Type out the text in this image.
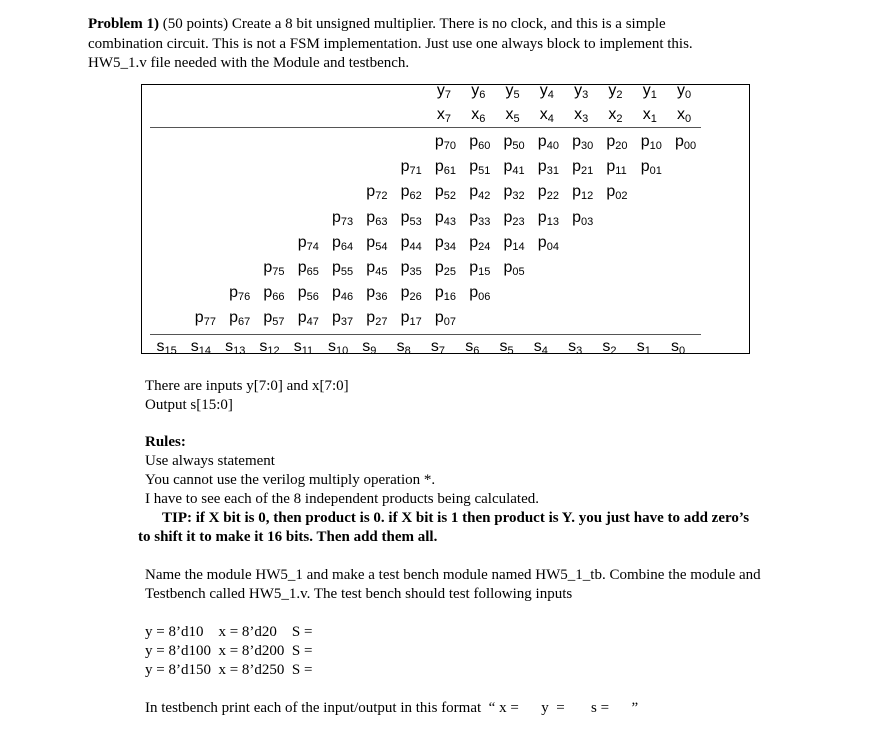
Problem 1) (50 points) Create a 8 bit unsigned multiplier. There is no clock, and this is a simple
combination circuit. This is not a FSM implementation. Just use one always block to implement this.
HW5_1.v file needed with the Module and testbench.
$y_7$ $y_6$ $y_5$ $y_4$ $y_3$ $y_2$ $y_1$ $y_0$
$x_7$ $x_6$ $x_5$ $x_4$ $x_3$ $x_2$ $x_1$ $x_0$
$p_{70}$ $p_{60}$ $p_{50}$ $p_{40}$ $p_{30}$ $p_{20}$ $p_{10}$ $p_{00}$
$p_{71}$ $p_{61}$ $p_{51}$ $p_{41}$ $p_{31}$ $p_{21}$ $p_{11}$ $p_{01}$
$p_{72}$ $p_{62}$ $p_{52}$ $p_{42}$ $p_{32}$ $p_{22}$ $p_{12}$ $p_{02}$
$p_{73}$ $p_{63}$ $p_{53}$ $p_{43}$ $p_{33}$ $p_{23}$ $p_{13}$ $p_{03}$
$p_{74}$ $p_{64}$ $p_{54}$ $p_{44}$ $p_{34}$ $p_{24}$ $p_{14}$ $p_{04}$
$p_{75}$ $p_{65}$ $p_{55}$ $p_{45}$ $p_{35}$ $p_{25}$ $p_{15}$ $p_{05}$
$p_{76}$ $p_{66}$ $p_{56}$ $p_{46}$ $p_{36}$ $p_{26}$ $p_{16}$ $p_{06}$
$p_{77}$ $p_{67}$ $p_{57}$ $p_{47}$ $p_{37}$ $p_{27}$ $p_{17}$ $p_{07}$
$s_{15}$ $s_{14}$ $s_{13}$ $s_{12}$ $s_{11}$ $s_{10}$ $s_9$ $s_8$ $s_7$ $s_6$ $s_5$ $s_4$ $s_3$ $s_2$ $s_1$ $s_0$
There are inputs y[7:0] and x[7:0]
Output s[15:0]
Rules:
Use always statement
You cannot use the verilog multiply operation *.
I have to see each of the 8 independent products being calculated.
TIP: if X bit is 0, then product is 0. if X bit is 1 then product is Y. you just have to add zero’s
to shift it to make it 16 bits. Then add them all.
Name the module HW5_1 and make a test bench module named HW5_1_tb. Combine the module and
Testbench called HW5_1.v. The test bench should test following inputs
y = 8’d10    x = 8’d20    S =
y = 8’d100  x = 8’d200  S =
y = 8’d150  x = 8’d250  S =
In testbench print each of the input/output in this format  “ x =      y  =       s =      ”
